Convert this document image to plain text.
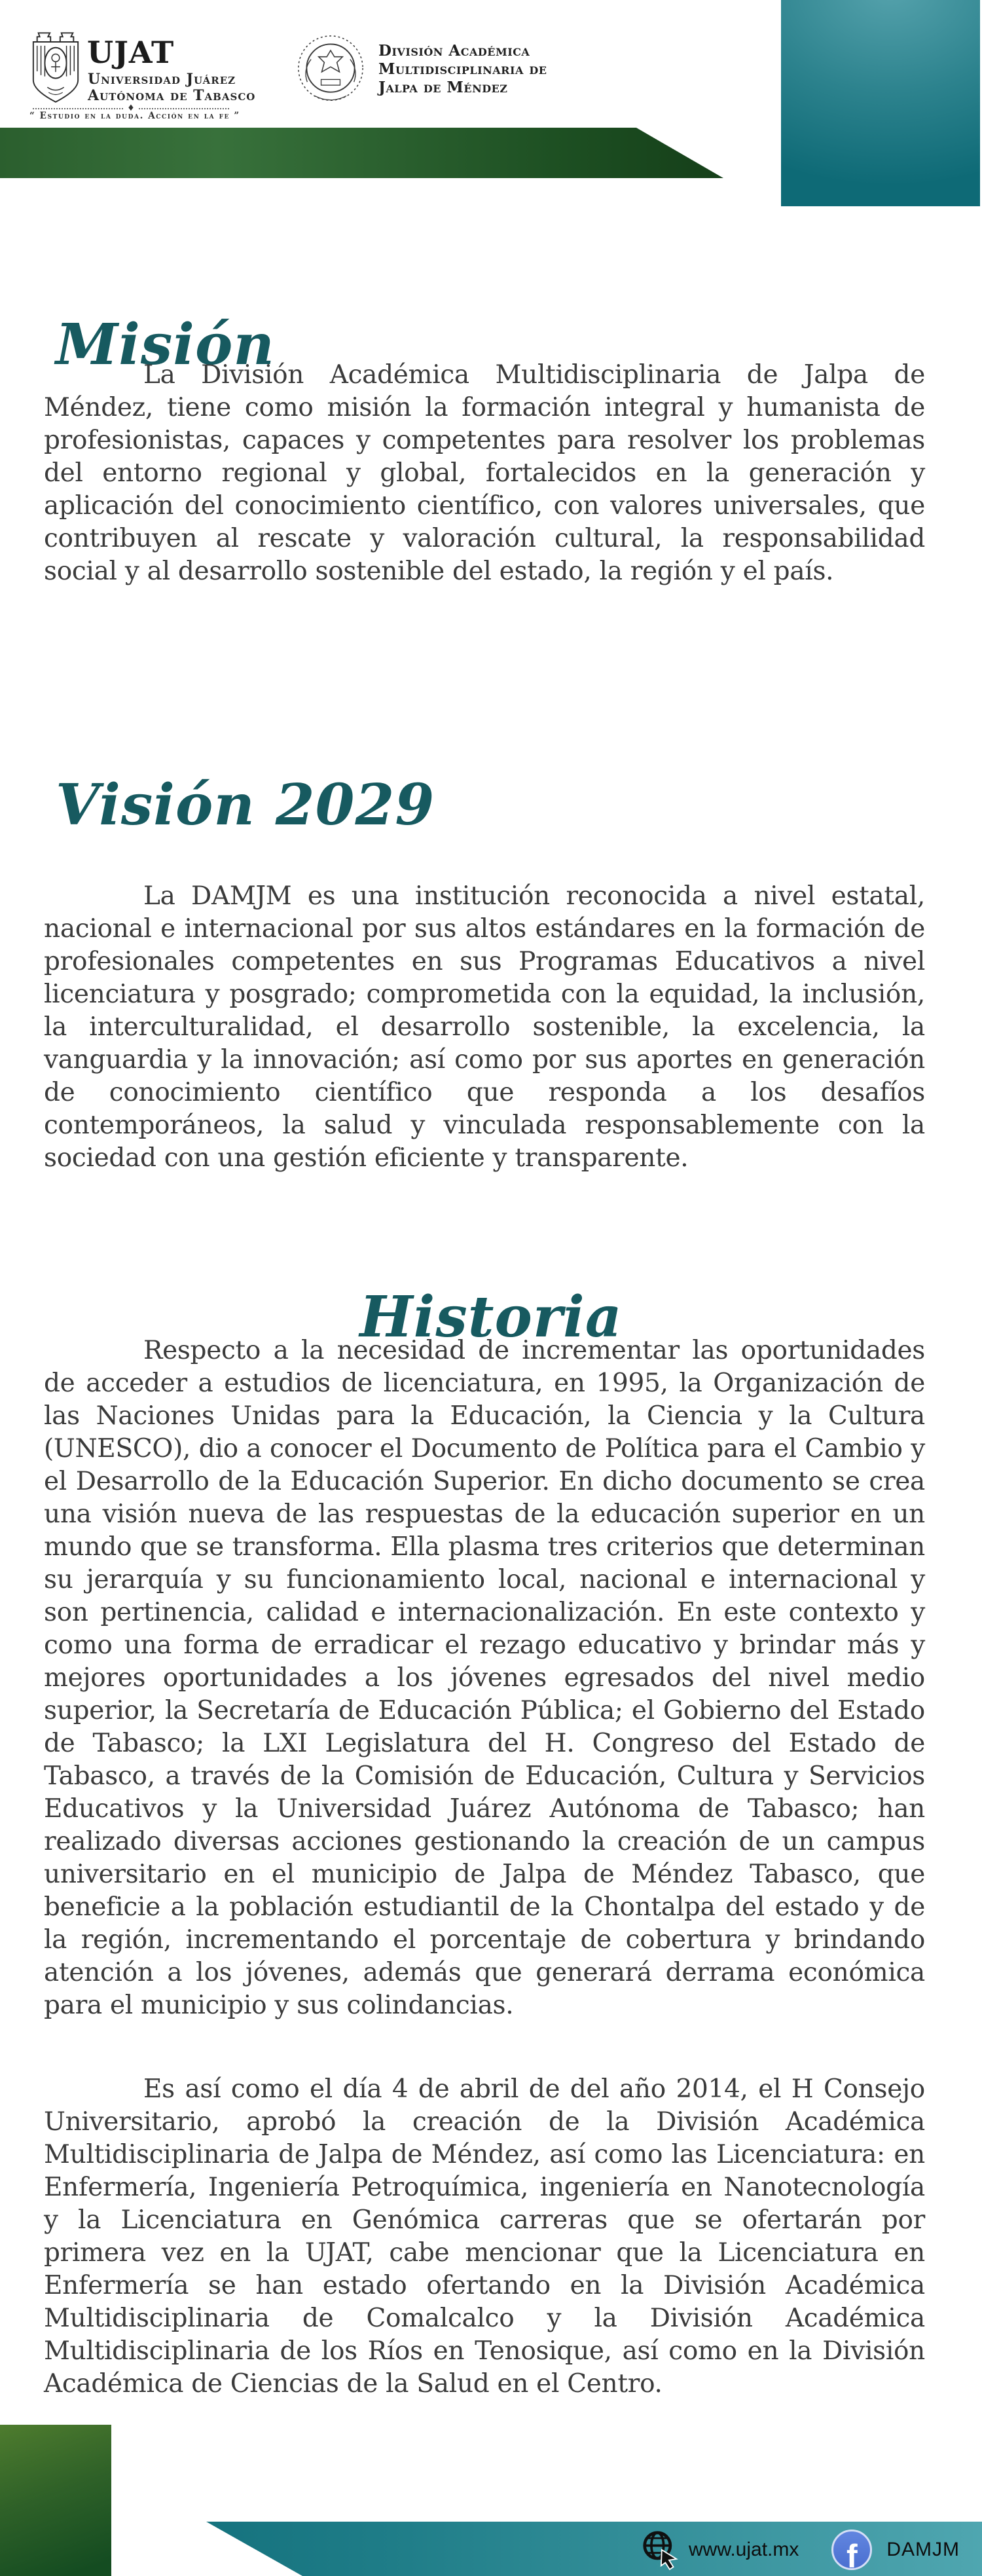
UJAT
Universidad Juárez
Autónoma de Tabasco
♦
“ Estudio en la duda. Acción en la fe ”
División Académica
Multidisciplinaria de
Jalpa de Méndez
Misión

La División Académica Multidisciplinaria de Jalpa de Méndez, tiene como misión la formación integral y humanista de profesionistas, capaces y competentes para resolver los problemas del entorno regional y global, fortalecidos en la generación y aplicación del conocimiento científico, con valores universales, que contribuyen al rescate y valoración cultural, la responsabilidad social y al desarrollo sostenible del estado, la región y el país.

Visión 2029

La DAMJM es una institución reconocida a nivel estatal, nacional e internacional por sus altos estándares en la formación de profesionales competentes en sus Programas Educativos a nivel licenciatura y posgrado; comprometida con la equidad, la inclusión, la interculturalidad, el desarrollo sostenible, la excelencia, la vanguardia y la innovación; así como por sus aportes en generación de conocimiento científico que responda a los desafíos contemporáneos, la salud y vinculada responsablemente con la sociedad con una gestión eficiente y transparente.

Historia

Respecto a la necesidad de incrementar las oportunidades de acceder a estudios de licenciatura, en 1995, la Organización de las Naciones Unidas para la Educación, la Ciencia y la Cultura (UNESCO), dio a conocer el Documento de Política para el Cambio y el Desarrollo de la Educación Superior. En dicho documento se crea una visión nueva de las respuestas de la educación superior en un mundo que se transforma. Ella plasma tres criterios que determinan su jerarquía y su funcionamiento local, nacional e internacional y son pertinencia, calidad e internacionalización. En este contexto y como una forma de erradicar el rezago educativo y brindar más y mejores oportunidades a los jóvenes egresados del nivel medio superior, la Secretaría de Educación Pública; el Gobierno del Estado de Tabasco; la LXI Legislatura del H. Congreso del Estado de Tabasco, a través de la Comisión de Educación, Cultura y Servicios Educativos y la Universidad Juárez Autónoma de Tabasco; han realizado diversas acciones gestionando la creación de un campus universitario en el municipio de Jalpa de Méndez Tabasco, que beneficie a la población estudiantil de la Chontalpa del estado y de la región, incrementando el porcentaje de cobertura y brindando atención a los jóvenes, además que generará derrama económica para el municipio y sus colindancias.

Es así como el día 4 de abril de del año 2014, el H Consejo Universitario, aprobó la creación de la División Académica Multidisciplinaria de Jalpa de Méndez, así como las Licenciatura: en Enfermería, Ingeniería Petroquímica, ingeniería en Nanotecnología y la Licenciatura en Genómica carreras que se ofertarán por primera vez en la UJAT, cabe mencionar que la Licenciatura en Enfermería se han estado ofertando en la División Académica Multidisciplinaria de Comalcalco y la División Académica Multidisciplinaria de los Ríos en Tenosique, así como en la División Académica de Ciencias de la Salud en el Centro.

www.ujat.mx f DAMJM
